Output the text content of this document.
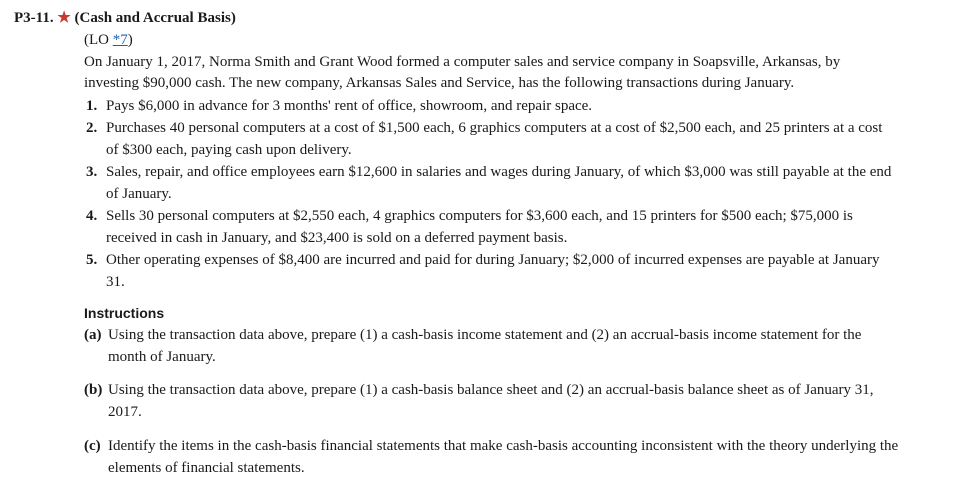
P3-11. ★ (Cash and Accrual Basis)
(LO *7)
On January 1, 2017, Norma Smith and Grant Wood formed a computer sales and service company in Soapsville, Arkansas, by
investing $90,000 cash. The new company, Arkansas Sales and Service, has the following transactions during January.
1. Pays $6,000 in advance for 3 months' rent of office, showroom, and repair space.
2. Purchases 40 personal computers at a cost of $1,500 each, 6 graphics computers at a cost of $2,500 each, and 25 printers at a cost
of $300 each, paying cash upon delivery.
3. Sales, repair, and office employees earn $12,600 in salaries and wages during January, of which $3,000 was still payable at the end
of January.
4. Sells 30 personal computers at $2,550 each, 4 graphics computers for $3,600 each, and 15 printers for $500 each; $75,000 is
received in cash in January, and $23,400 is sold on a deferred payment basis.
5. Other operating expenses of $8,400 are incurred and paid for during January; $2,000 of incurred expenses are payable at January
31.
Instructions
(a) Using the transaction data above, prepare (1) a cash-basis income statement and (2) an accrual-basis income statement for the
month of January.
(b) Using the transaction data above, prepare (1) a cash-basis balance sheet and (2) an accrual-basis balance sheet as of January 31,
2017.
(c) Identify the items in the cash-basis financial statements that make cash-basis accounting inconsistent with the theory underlying the
elements of financial statements.
